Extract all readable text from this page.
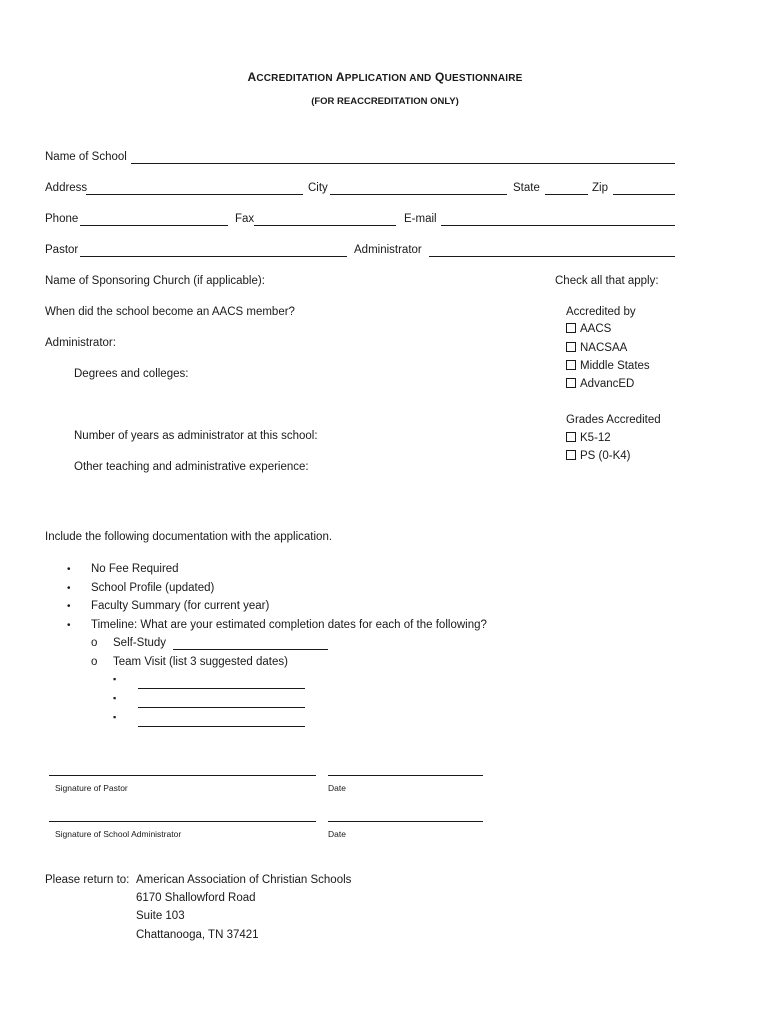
ACCREDITATION APPLICATION AND QUESTIONNAIRE
(FOR REACCREDITATION ONLY)
Name of School
Address	City	State	Zip
Phone	Fax	E-mail
Pastor	Administrator
Name of Sponsoring Church (if applicable):
When did the school become an AACS member?
Administrator:
Degrees and colleges:
Number of years as administrator at this school:
Other teaching and administrative experience:
Check all that apply:
Accredited by
AACS
NACSAA
Middle States
AdvancED
Grades Accredited
K5-12
PS (0-K4)
Include the following documentation with the application.
• No Fee Required
• School Profile (updated)
• Faculty Summary (for current year)
• Timeline: What are your estimated completion dates for each of the following?
o Self-Study
o Team Visit (list 3 suggested dates)
▪
▪
▪
Signature of Pastor	Date
Signature of School Administrator	Date
Please return to: American Association of Christian Schools
6170 Shallowford Road
Suite 103
Chattanooga, TN 37421
